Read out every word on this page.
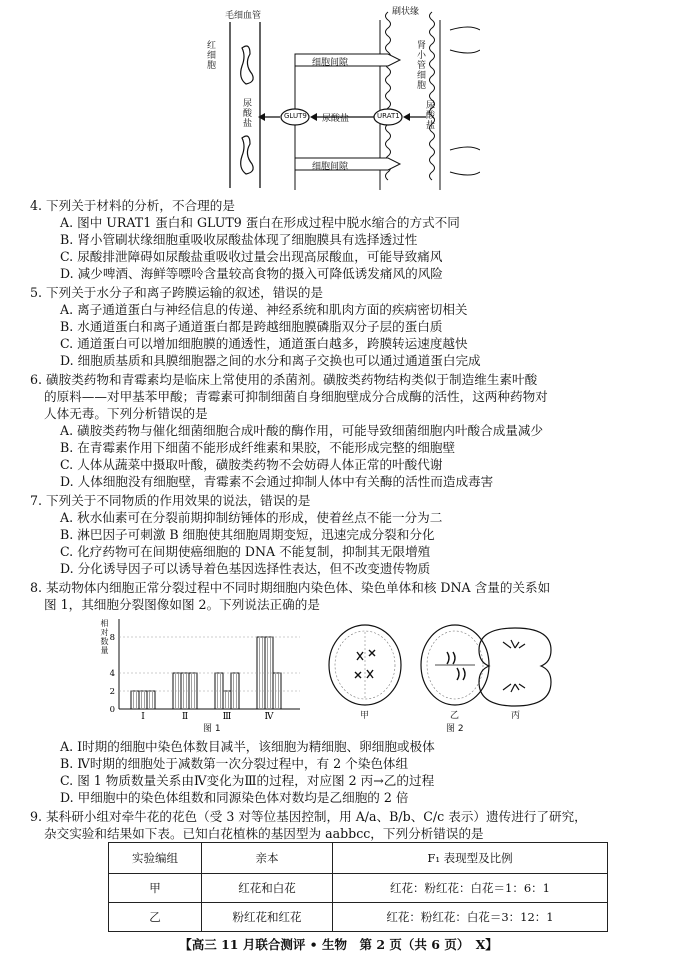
毛细血管	刷状缘
红细胞	肾小管细胞
细胞间隙
细胞间隙
尿酸盐	尿酸盐	尿酸盐
GLUT9	URAT1
4. 下列关于材料的分析，不合理的是
A. 图中 URAT1 蛋白和 GLUT9 蛋白在形成过程中脱水缩合的方式不同
B. 肾小管刷状缘细胞重吸收尿酸盐体现了细胞膜具有选择透过性
C. 尿酸排泄障碍如尿酸盐重吸收过量会出现高尿酸血，可能导致痛风
D. 减少啤酒、海鲜等嘌呤含量较高食物的摄入可降低诱发痛风的风险
5. 下列关于水分子和离子跨膜运输的叙述，错误的是
A. 离子通道蛋白与神经信息的传递、神经系统和肌肉方面的疾病密切相关
B. 水通道蛋白和离子通道蛋白都是跨越细胞膜磷脂双分子层的蛋白质
C. 通道蛋白可以增加细胞膜的通透性，通道蛋白越多，跨膜转运速度越快
D. 细胞质基质和具膜细胞器之间的水分和离子交换也可以通过通道蛋白完成
6. 磺胺类药物和青霉素均是临床上常使用的杀菌剂。磺胺类药物结构类似于制造维生素叶酸
的原料——对甲基苯甲酸；青霉素可抑制细菌自身细胞壁成分合成酶的活性，这两种药物对
人体无毒。下列分析错误的是
A. 磺胺类药物与催化细菌细胞合成叶酸的酶作用，可能导致细菌细胞内叶酸合成量减少
B. 在青霉素作用下细菌不能形成纤维素和果胶，不能形成完整的细胞壁
C. 人体从蔬菜中摄取叶酸，磺胺类药物不会妨碍人体正常的叶酸代谢
D. 人体细胞没有细胞壁，青霉素不会通过抑制人体中有关酶的活性而造成毒害
7. 下列关于不同物质的作用效果的说法，错误的是
A. 秋水仙素可在分裂前期抑制纺锤体的形成，使着丝点不能一分为二
B. 淋巴因子可刺激 B 细胞使其细胞周期变短，迅速完成分裂和分化
C. 化疗药物可在间期使癌细胞的 DNA 不能复制，抑制其无限增殖
D. 分化诱导因子可以诱导着色基因选择性表达，但不改变遗传物质
8. 某动物体内细胞正常分裂过程中不同时期细胞内染色体、染色单体和核 DNA 含量的关系如
图 1，其细胞分裂图像如图 2。下列说法正确的是
0
2
4
8
Ⅰ	Ⅱ	Ⅲ	Ⅳ
相对数量
图 1
甲	乙	丙
图 2
A. Ⅰ时期的细胞中染色体数目减半，该细胞为精细胞、卵细胞或极体
B. Ⅳ时期的细胞处于减数第一次分裂过程中，有 2 个染色体组
C. 图 1 物质数量关系由Ⅳ变化为Ⅲ的过程，对应图 2 丙→乙的过程
D. 甲细胞中的染色体组数和同源染色体对数均是乙细胞的 2 倍
9. 某科研小组对牵牛花的花色（受 3 对等位基因控制，用 A/a、B/b、C/c 表示）遗传进行了研究，
杂交实验和结果如下表。已知白花植株的基因型为 aabbcc，下列分析错误的是
实验编组	亲本	F₁ 表现型及比例
甲	红花和白花	红花：粉红花：白花＝1：6：1
乙	粉红花和红花	红花：粉红花：白花＝3：12：1
【高三 11 月联合测评 • 生物　第 2 页（共 6 页）　X】
